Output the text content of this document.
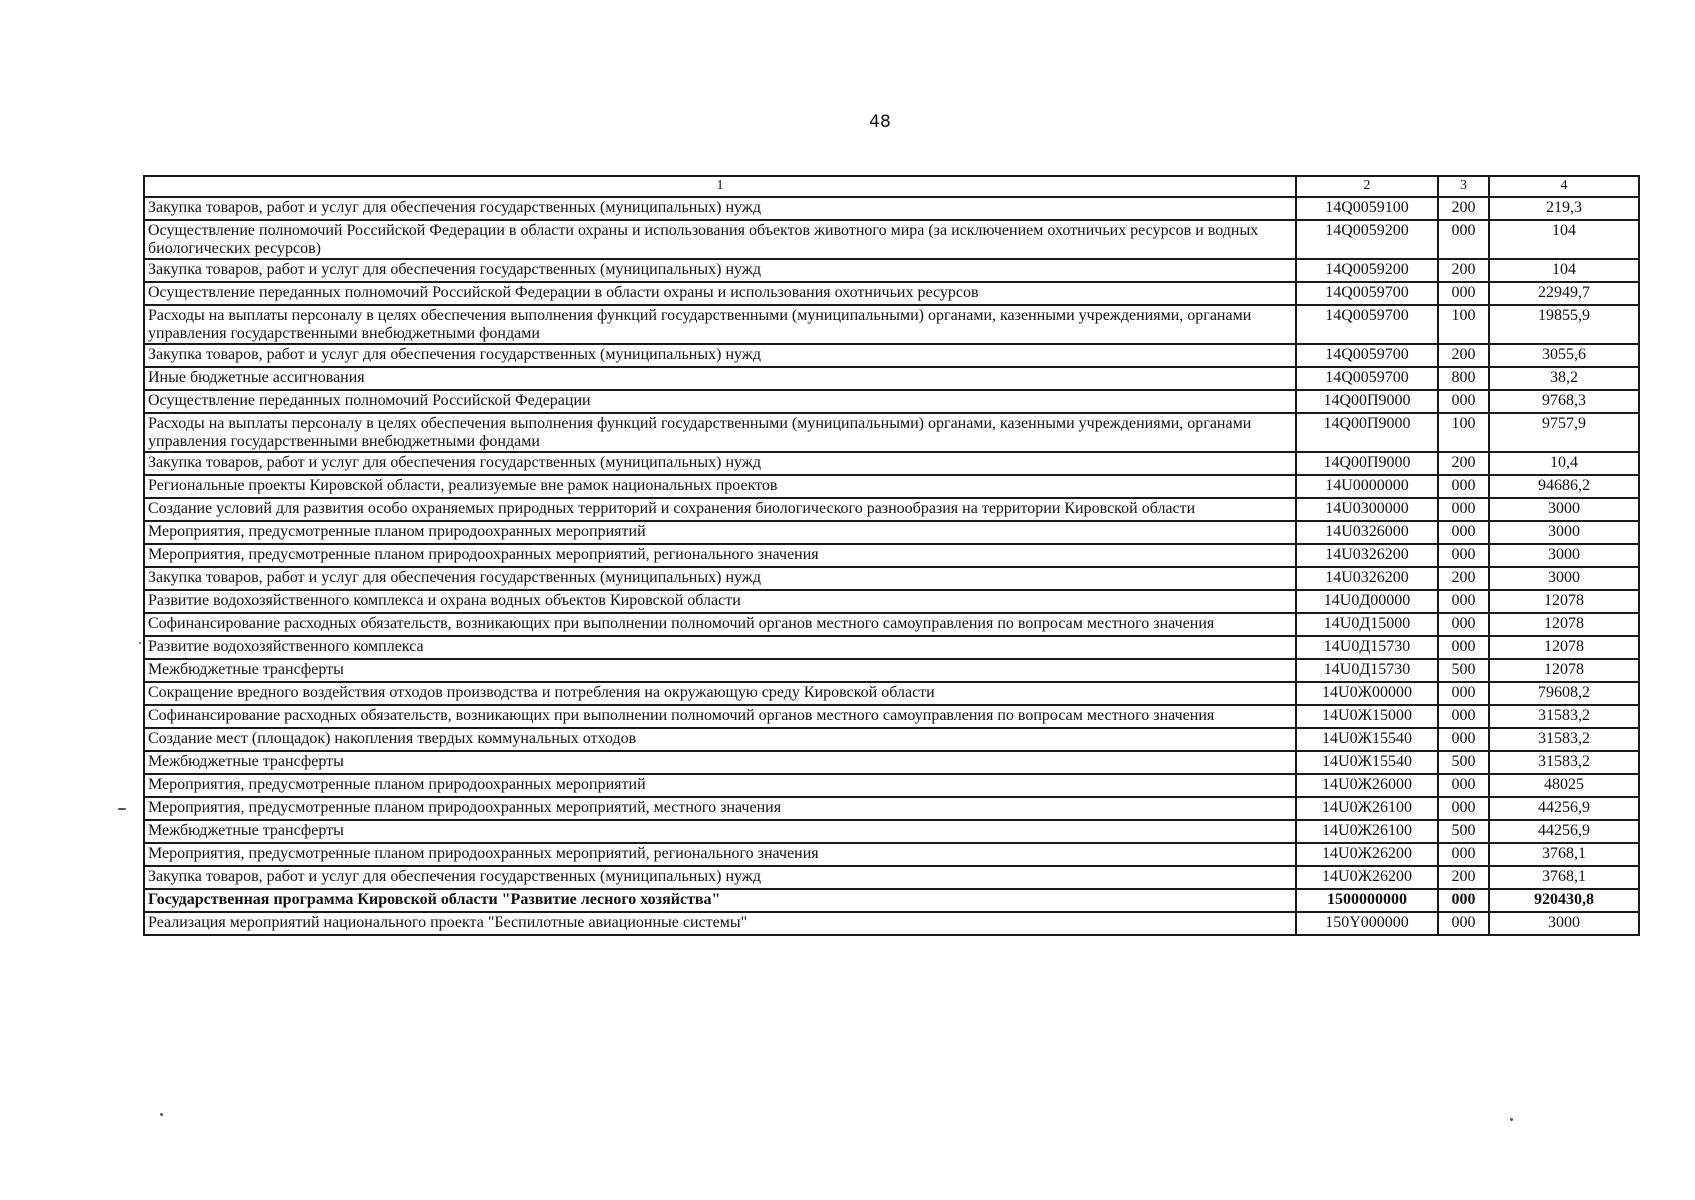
48
1	2	3	4
Закупка товаров, работ и услуг для обеспечения государственных (муниципальных) нужд	14Q0059100	200	219,3
Осуществление полномочий Российской Федерации в области охраны и использования объектов животного мира (за исключением охотничьих ресурсов и водных биологических ресурсов)	14Q0059200	000	104
Закупка товаров, работ и услуг для обеспечения государственных (муниципальных) нужд	14Q0059200	200	104
Осуществление переданных полномочий Российской Федерации в области охраны и использования охотничьих ресурсов	14Q0059700	000	22949,7
Расходы на выплаты персоналу в целях обеспечения выполнения функций государственными (муниципальными) органами, казенными учреждениями, органами управления государственными внебюджетными фондами	14Q0059700	100	19855,9
Закупка товаров, работ и услуг для обеспечения государственных (муниципальных) нужд	14Q0059700	200	3055,6
Иные бюджетные ассигнования	14Q0059700	800	38,2
Осуществление переданных полномочий Российской Федерации	14Q00П9000	000	9768,3
Расходы на выплаты персоналу в целях обеспечения выполнения функций государственными (муниципальными) органами, казенными учреждениями, органами управления государственными внебюджетными фондами	14Q00П9000	100	9757,9
Закупка товаров, работ и услуг для обеспечения государственных (муниципальных) нужд	14Q00П9000	200	10,4
Региональные проекты Кировской области, реализуемые вне рамок национальных проектов	14U0000000	000	94686,2
Создание условий для развития особо охраняемых природных территорий и сохранения биологического разнообразия на территории Кировской области	14U0300000	000	3000
Мероприятия, предусмотренные планом природоохранных мероприятий	14U0326000	000	3000
Мероприятия, предусмотренные планом природоохранных мероприятий, регионального значения	14U0326200	000	3000
Закупка товаров, работ и услуг для обеспечения государственных (муниципальных) нужд	14U0326200	200	3000
Развитие водохозяйственного комплекса и охрана водных объектов Кировской области	14U0Д00000	000	12078
Софинансирование расходных обязательств, возникающих при выполнении полномочий органов местного самоуправления по вопросам местного значения	14U0Д15000	000	12078
Развитие водохозяйственного комплекса	14U0Д15730	000	12078
Межбюджетные трансферты	14U0Д15730	500	12078
Сокращение вредного воздействия отходов производства и потребления на окружающую среду Кировской области	14U0Ж00000	000	79608,2
Софинансирование расходных обязательств, возникающих при выполнении полномочий органов местного самоуправления по вопросам местного значения	14U0Ж15000	000	31583,2
Создание мест (площадок) накопления твердых коммунальных отходов	14U0Ж15540	000	31583,2
Межбюджетные трансферты	14U0Ж15540	500	31583,2
Мероприятия, предусмотренные планом природоохранных мероприятий	14U0Ж26000	000	48025
Мероприятия, предусмотренные планом природоохранных мероприятий, местного значения	14U0Ж26100	000	44256,9
Межбюджетные трансферты	14U0Ж26100	500	44256,9
Мероприятия, предусмотренные планом природоохранных мероприятий, регионального значения	14U0Ж26200	000	3768,1
Закупка товаров, работ и услуг для обеспечения государственных (муниципальных) нужд	14U0Ж26200	200	3768,1
Государственная программа Кировской области "Развитие лесного хозяйства"	1500000000	000	920430,8
Реализация мероприятий национального проекта "Беспилотные авиационные системы"	150Y000000	000	3000
